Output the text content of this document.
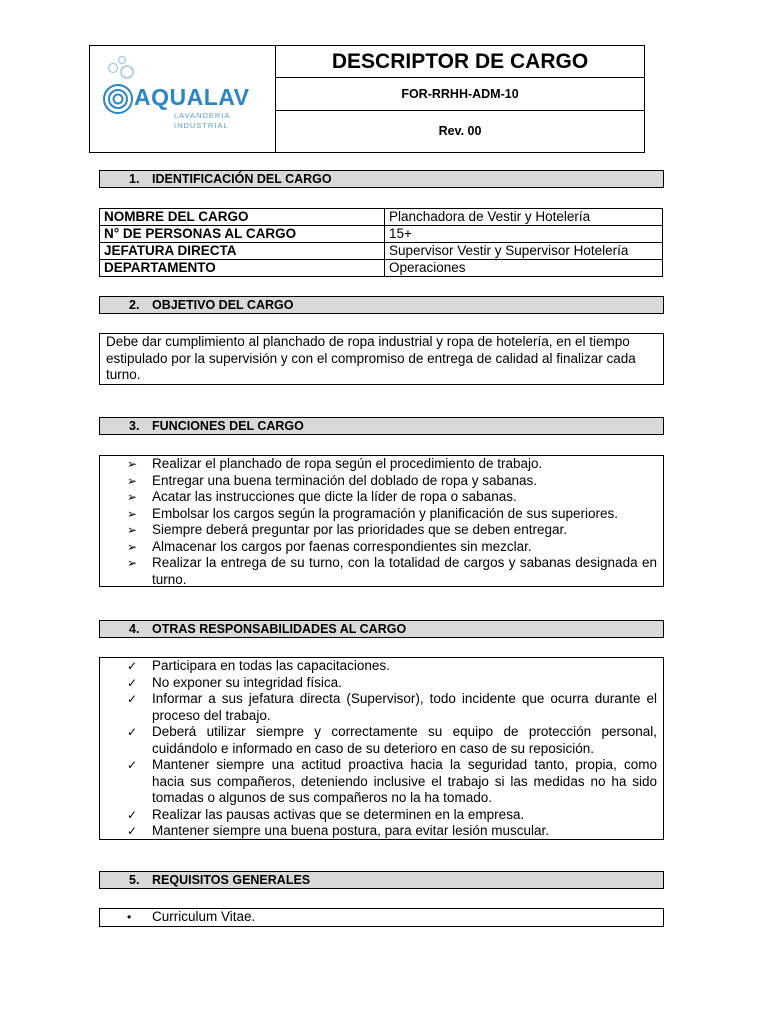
AQUALAV
LAVANDERIA INDUSTRIAL
DESCRIPTOR DE CARGO
FOR-RRHH-ADM-10
Rev. 00
1. IDENTIFICACIÓN DEL CARGO
NOMBRE DEL CARGO	Planchadora de Vestir y Hotelería
N° DE PERSONAS AL CARGO	15+
JEFATURA DIRECTA	Supervisor Vestir y Supervisor Hotelería
DEPARTAMENTO	Operaciones
2. OBJETIVO DEL CARGO
Debe dar cumplimiento al planchado de ropa industrial y ropa de hotelería, en el tiempo estipulado por la supervisión y con el compromiso de entrega de calidad al finalizar cada turno.
3. FUNCIONES DEL CARGO
➢ Realizar el planchado de ropa según el procedimiento de trabajo.
➢ Entregar una buena terminación del doblado de ropa y sabanas.
➢ Acatar las instrucciones que dicte la líder de ropa o sabanas.
➢ Embolsar los cargos según la programación y planificación de sus superiores.
➢ Siempre deberá preguntar por las prioridades que se deben entregar.
➢ Almacenar los cargos por faenas correspondientes sin mezclar.
➢ Realizar la entrega de su turno, con la totalidad de cargos y sabanas designada en turno.
4. OTRAS RESPONSABILIDADES AL CARGO
✓ Participara en todas las capacitaciones.
✓ No exponer su integridad física.
✓ Informar a sus jefatura directa (Supervisor), todo incidente que ocurra durante el proceso del trabajo.
✓ Deberá utilizar siempre y correctamente su equipo de protección personal, cuidándolo e informado en caso de su deterioro en caso de su reposición.
✓ Mantener siempre una actitud proactiva hacia la seguridad tanto, propia, como hacia sus compañeros, deteniendo inclusive el trabajo si las medidas no ha sido tomadas o algunos de sus compañeros no la ha tomado.
✓ Realizar las pausas activas que se determinen en la empresa.
✓ Mantener siempre una buena postura, para evitar lesión muscular.
5. REQUISITOS GENERALES
• Curriculum Vitae.
